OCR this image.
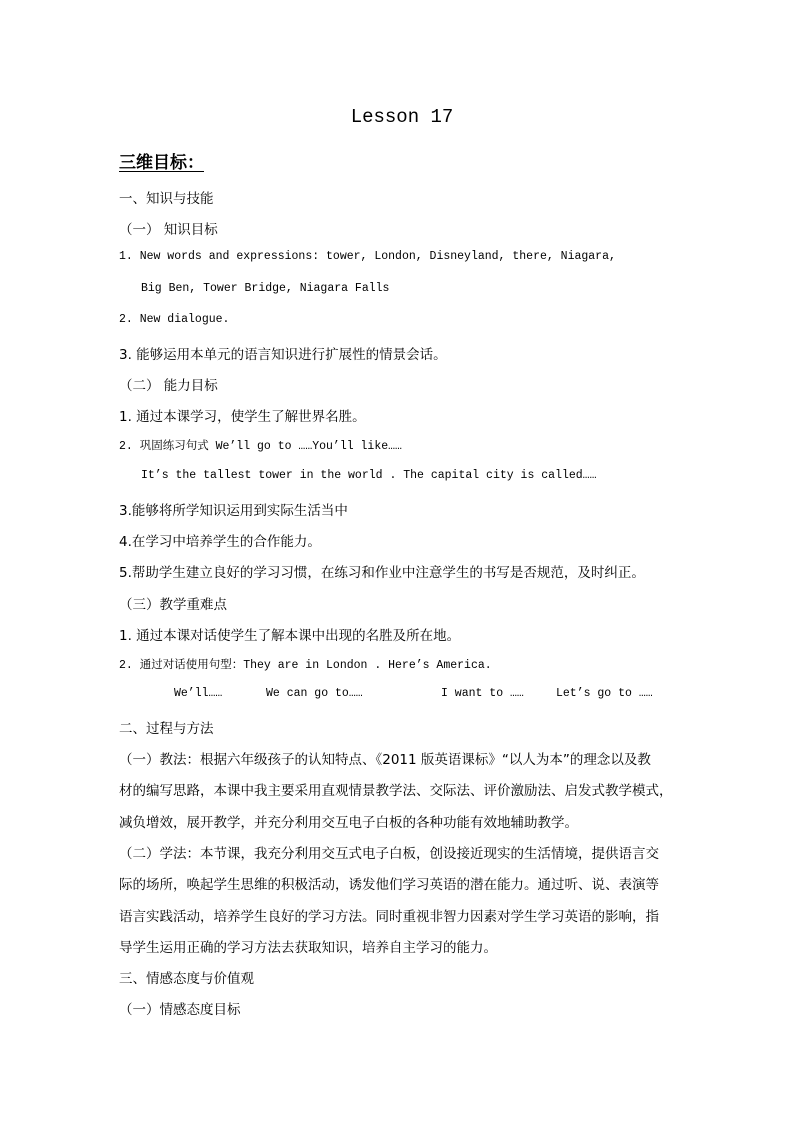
Lesson 17
三维目标：
一、知识与技能
（一） 知识目标
1. New words and expressions: tower, London, Disneyland, there, Niagara,
Big Ben, Tower Bridge, Niagara Falls
2. New dialogue.
3. 能够运用本单元的语言知识进行扩展性的情景会话。
（二） 能力目标
1. 通过本课学习，使学生了解世界名胜。
2. 巩固练习句式 We’ll go to ……You’ll like……
It’s the tallest tower in the world . The capital city is called……
3.能够将所学知识运用到实际生活当中
4.在学习中培养学生的合作能力。
5.帮助学生建立良好的学习习惯，在练习和作业中注意学生的书写是否规范，及时纠正。
（三）教学重难点
1. 通过本课对话使学生了解本课中出现的名胜及所在地。
2. 通过对话使用句型：They are in London . Here’s America.
We’ll……	We can go to……	I want to ……	Let’s go to ……
二、过程与方法
（一）教法：根据六年级孩子的认知特点、《2011 版英语课标》“以人为本”的理念以及教
材的编写思路，本课中我主要采用直观情景教学法、交际法、评价激励法、启发式教学模式，
减负增效，展开教学，并充分利用交互电子白板的各种功能有效地辅助教学。
（二）学法：本节课，我充分利用交互式电子白板，创设接近现实的生活情境，提供语言交
际的场所，唤起学生思维的积极活动，诱发他们学习英语的潜在能力。通过听、说、表演等
语言实践活动，培养学生良好的学习方法。同时重视非智力因素对学生学习英语的影响，指
导学生运用正确的学习方法去获取知识，培养自主学习的能力。
三、情感态度与价值观
（一）情感态度目标
